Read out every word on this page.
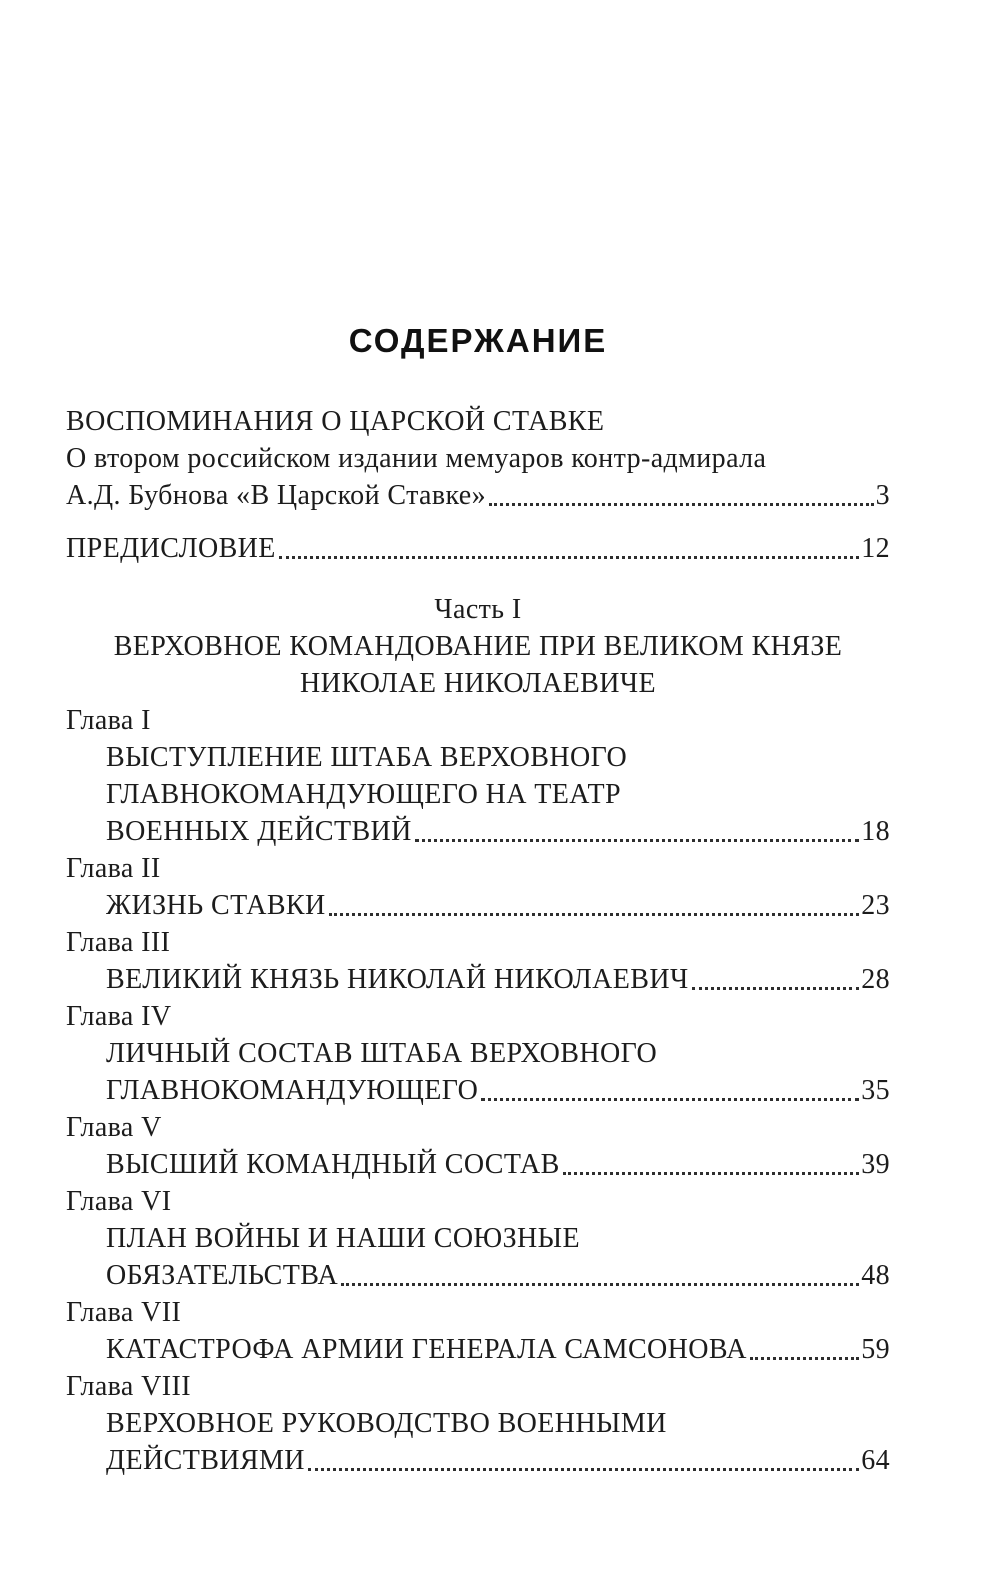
СОДЕРЖАНИЕ
ВОСПОМИНАНИЯ О ЦАРСКОЙ СТАВКЕ
О втором российском издании мемуаров контр-адмирала
А.Д. Бубнова «В Царской Ставке»	3
ПРЕДИСЛОВИЕ	12
Часть I
ВЕРХОВНОЕ КОМАНДОВАНИЕ ПРИ ВЕЛИКОМ КНЯЗЕ
НИКОЛАЕ НИКОЛАЕВИЧЕ
Глава I
ВЫСТУПЛЕНИЕ ШТАБА ВЕРХОВНОГО
ГЛАВНОКОМАНДУЮЩЕГО НА ТЕАТР
ВОЕННЫХ ДЕЙСТВИЙ	18
Глава II
ЖИЗНЬ СТАВКИ	23
Глава III
ВЕЛИКИЙ КНЯЗЬ НИКОЛАЙ НИКОЛАЕВИЧ	28
Глава IV
ЛИЧНЫЙ СОСТАВ ШТАБА ВЕРХОВНОГО
ГЛАВНОКОМАНДУЮЩЕГО	35
Глава V
ВЫСШИЙ КОМАНДНЫЙ СОСТАВ	39
Глава VI
ПЛАН ВОЙНЫ И НАШИ СОЮЗНЫЕ
ОБЯЗАТЕЛЬСТВА	48
Глава VII
КАТАСТРОФА АРМИИ ГЕНЕРАЛА САМСОНОВА	59
Глава VIII
ВЕРХОВНОЕ РУКОВОДСТВО ВОЕННЫМИ
ДЕЙСТВИЯМИ	64
